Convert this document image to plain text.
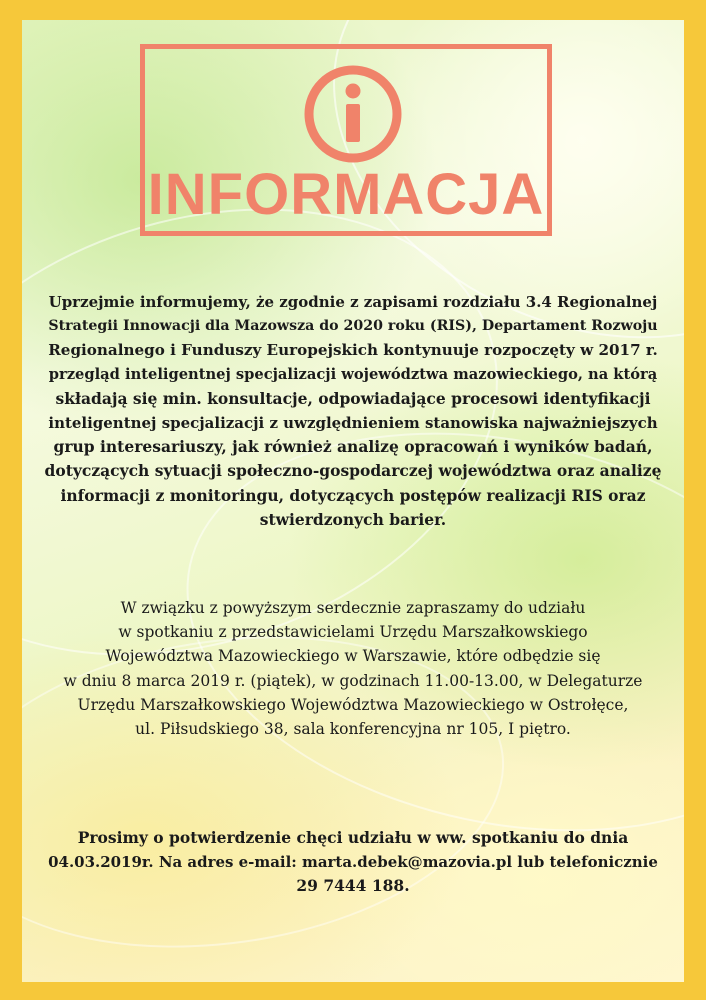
INFORMACJA
Uprzejmie informujemy, że zgodnie z zapisami rozdziału 3.4 Regionalnej
Strategii Innowacji dla Mazowsza do 2020 roku (RIS), Departament Rozwoju
Regionalnego i Funduszy Europejskich kontynuuje rozpoczęty w 2017 r.
przegląd inteligentnej specjalizacji województwa mazowieckiego, na którą
składają się min. konsultacje, odpowiadające procesowi identyfikacji
inteligentnej specjalizacji z uwzględnieniem stanowiska najważniejszych
grup interesariuszy, jak również analizę opracowań i wyników badań,
dotyczących sytuacji społeczno-gospodarczej województwa oraz analizę
informacji z monitoringu, dotyczących postępów realizacji RIS oraz
stwierdzonych barier.
W związku z powyższym serdecznie zapraszamy do udziału
w spotkaniu z przedstawicielami Urzędu Marszałkowskiego
Województwa Mazowieckiego w Warszawie, które odbędzie się
w dniu 8 marca 2019 r. (piątek), w godzinach 11.00-13.00, w Delegaturze
Urzędu Marszałkowskiego Województwa Mazowieckiego w Ostrołęce,
ul. Piłsudskiego 38, sala konferencyjna nr 105, I piętro.
Prosimy o potwierdzenie chęci udziału w ww. spotkaniu do dnia
04.03.2019r. Na adres e-mail: marta.debek@mazovia.pl lub telefonicznie
29 7444 188.
